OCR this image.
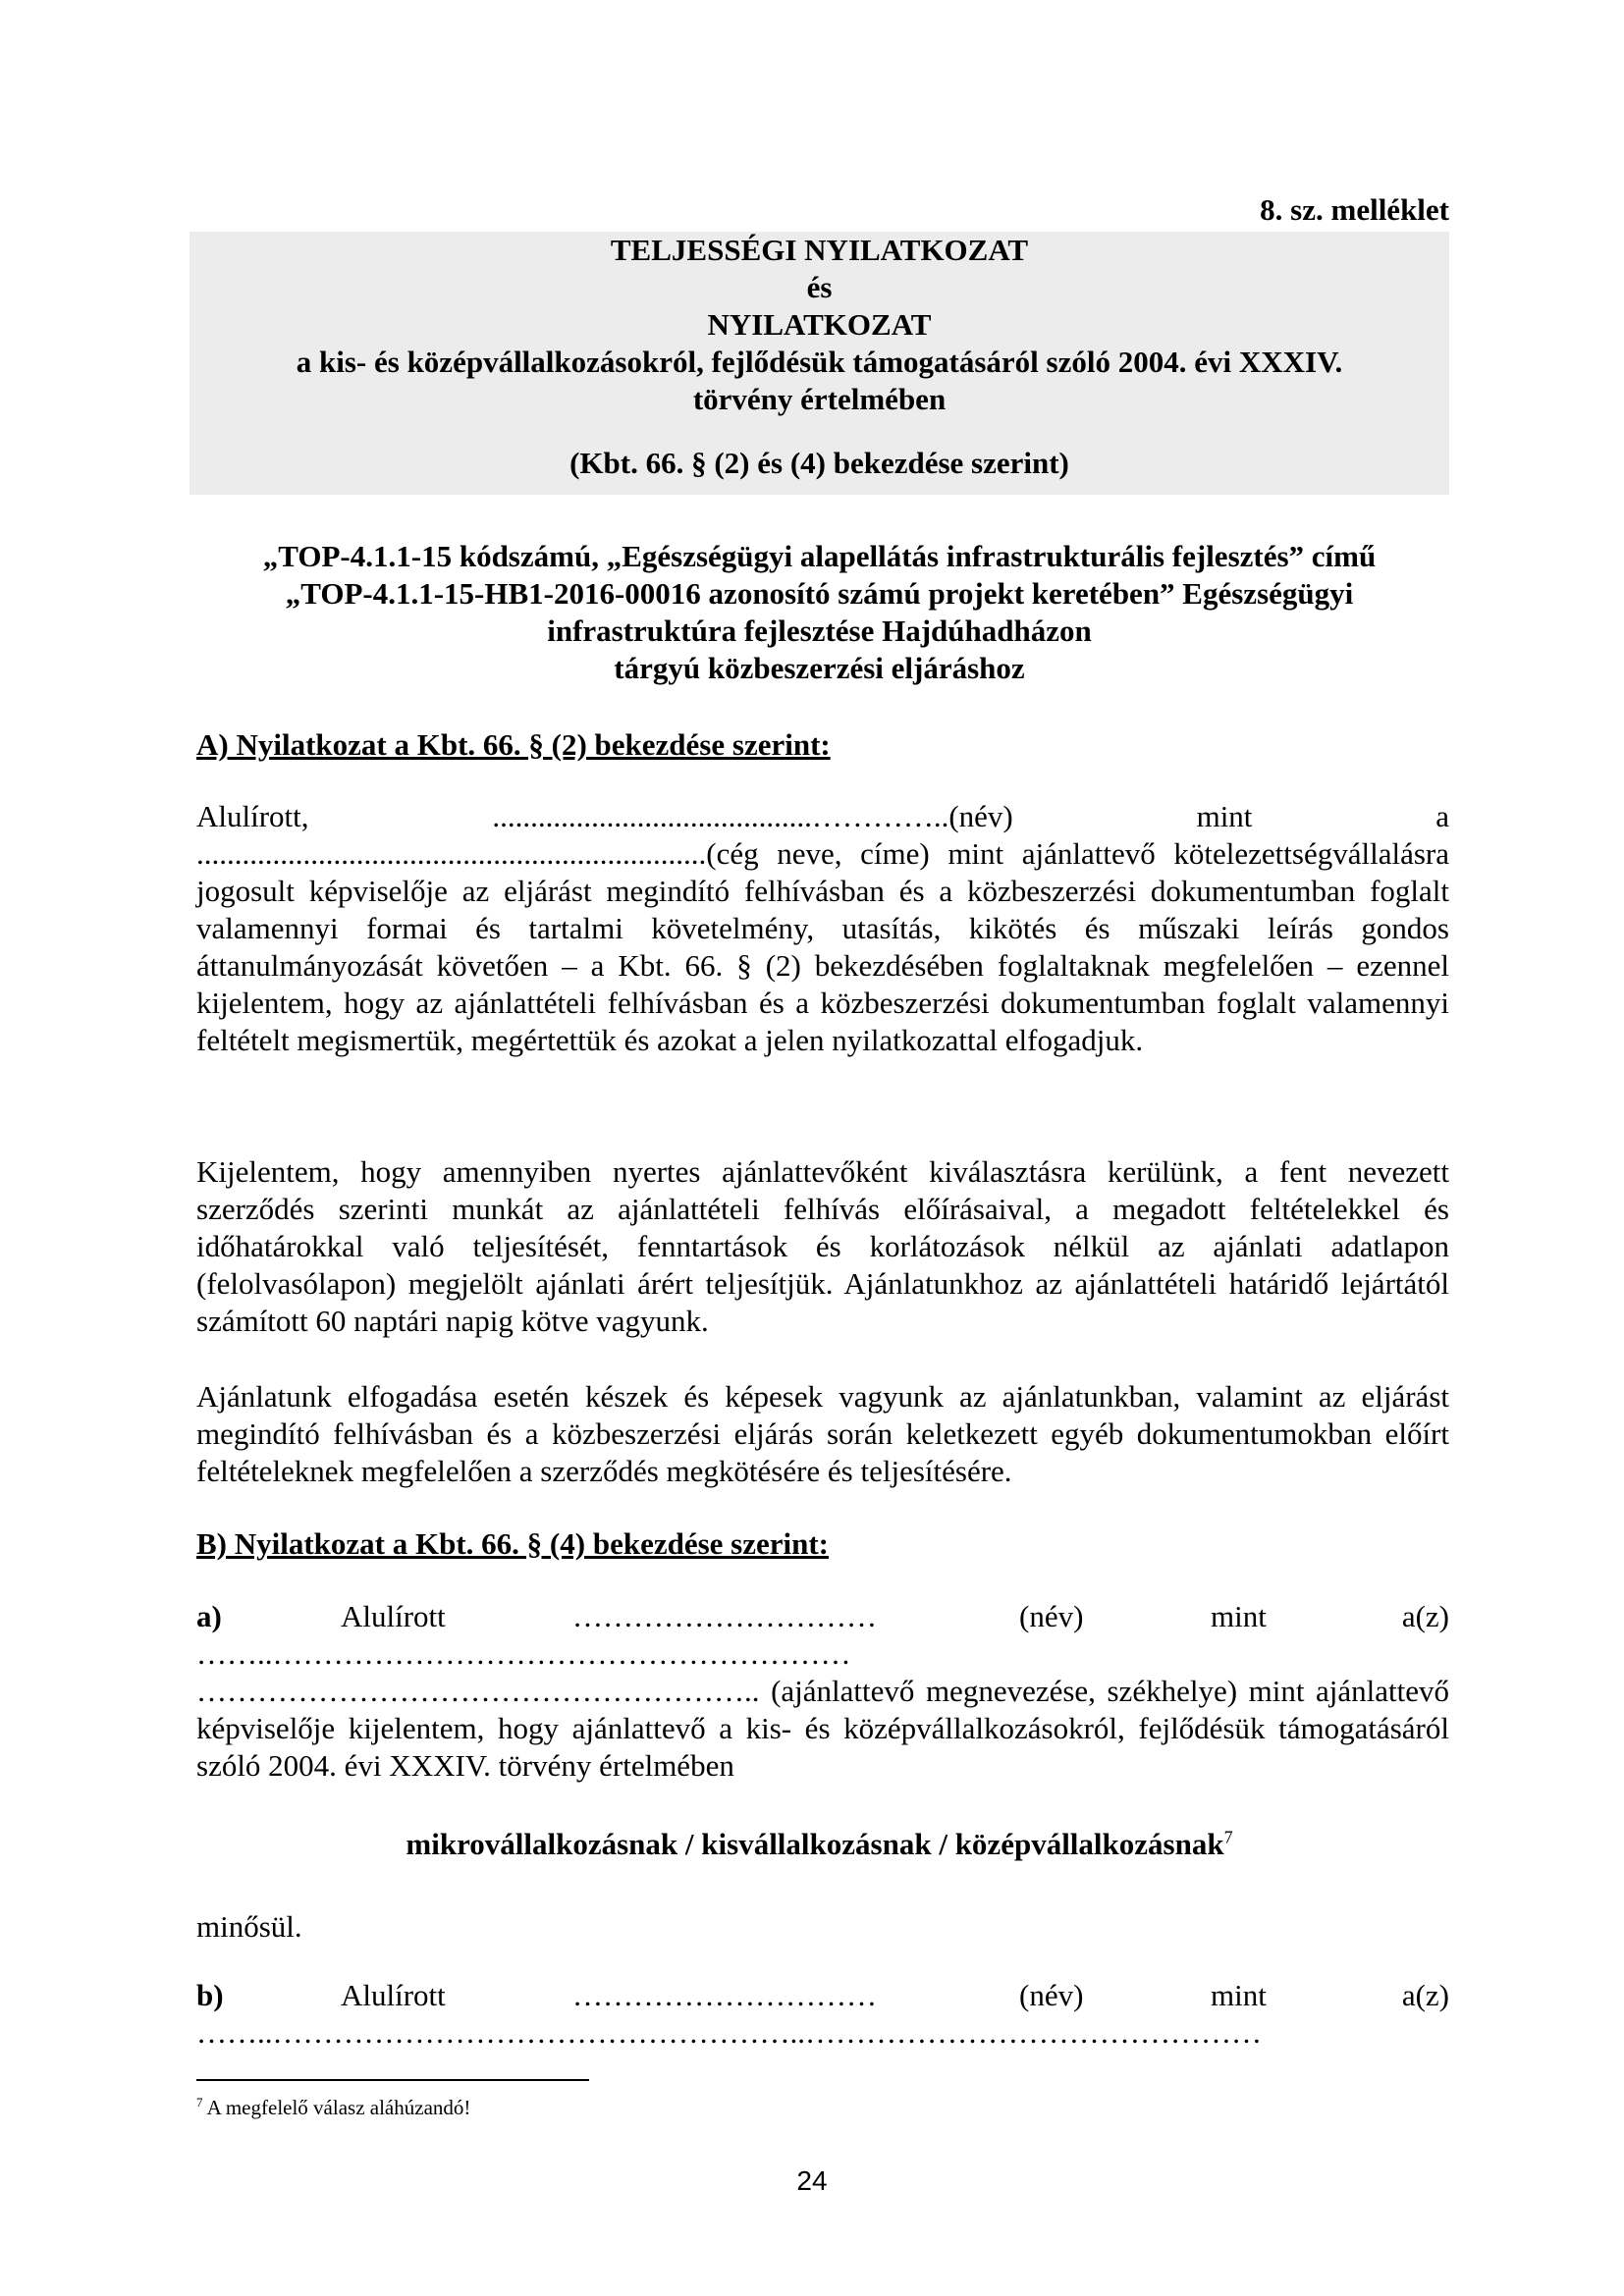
8. sz. melléklet
TELJESSÉGI NYILATKOZAT
és
NYILATKOZAT
a kis- és középvállalkozásokról, fejlődésük támogatásáról szóló 2004. évi XXXIV.
törvény értelmében
(Kbt. 66. § (2) és (4) bekezdése szerint)
„TOP-4.1.1-15 kódszámú, „Egészségügyi alapellátás infrastrukturális fejlesztés” című
„TOP-4.1.1-15-HB1-2016-00016 azonosító számú projekt keretében” Egészségügyi
infrastruktúra fejlesztése Hajdúhadházon
tárgyú közbeszerzési eljáráshoz
A) Nyilatkozat a Kbt. 66. § (2) bekezdése szerint:
Alulírott, ..........................................…………..(név) mint a
...................................................................(cég neve, címe) mint ajánlattevő kötelezettségvállalásra jogosult képviselője az eljárást megindító felhívásban és a közbeszerzési dokumentumban foglalt valamennyi formai és tartalmi követelmény, utasítás, kikötés és műszaki leírás gondos áttanulmányozását követően – a Kbt. 66. § (2) bekezdésében foglaltaknak megfelelően – ezennel kijelentem, hogy az ajánlattételi felhívásban és a közbeszerzési dokumentumban foglalt valamennyi feltételt megismertük, megértettük és azokat a jelen nyilatkozattal elfogadjuk.
Kijelentem, hogy amennyiben nyertes ajánlattevőként kiválasztásra kerülünk, a fent nevezett szerződés szerinti munkát az ajánlattételi felhívás előírásaival, a megadott feltételekkel és időhatárokkal való teljesítését, fenntartások és korlátozások nélkül az ajánlati adatlapon (felolvasólapon) megjelölt ajánlati árért teljesítjük. Ajánlatunkhoz az ajánlattételi határidő lejártától számított 60 naptári napig kötve vagyunk.
Ajánlatunk elfogadása esetén készek és képesek vagyunk az ajánlatunkban, valamint az eljárást megindító felhívásban és a közbeszerzési eljárás során keletkezett egyéb dokumentumokban előírt feltételeknek megfelelően a szerződés megkötésére és teljesítésére.
B) Nyilatkozat a Kbt. 66. § (4) bekezdése szerint:
a)	Alulírott	…………………………	(név)	mint	a(z)
……..…………………………………………………
……………………………………………….. (ajánlattevő megnevezése, székhelye) mint ajánlattevő képviselője kijelentem, hogy ajánlattevő a kis- és középvállalkozásokról, fejlődésük támogatásáról szóló 2004. évi XXXIV. törvény értelmében
mikrovállalkozásnak / kisvállalkozásnak / középvállalkozásnak$^7$
minősül.
b)	Alulírott	…………………………	(név)	mint	a(z)
……..……………………………………………..………………………………………
$^7$ A megfelelő válasz aláhúzandó!
24
